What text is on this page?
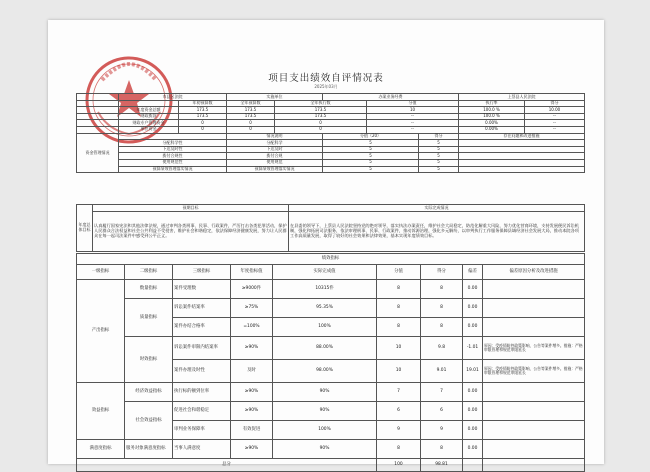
项目支出绩效自评情况表
2025年03月
	市县区法院		实施单位		办案业务经费			上蔡县人民法院	
		年初预算数	全年预算数	全年执行数		分值		执行率	得分
	年度资金总额	173.5	173.5	173.5		10		100.0 %	10.00
	财政拨款	173.5	173.5	173.5		--		100.0 %	--
	财政专户管理资金	0	0	0		--		0.00%	--
	单位资金	0	0	0		--		0.00%	--
资金管理情况			情况说明		分值（20）		得分	存在问题和改进措施	
	分配科学性		分配科学		5		5		
	下达及时性		下达及时		5		5		
	拨付合规性		拨付合规		5		5		
	使用规范性		使用规范		5		5		
	预算绩效管理落实情况		预算绩效管理落实情况		5		5		
年度总体目标	预期目标	实际完成情况
	认真履行国家宪法和其他法律法规，通过审判各类刑事、民事、行政案件，严厉打击各类犯罪活动，保护人民群众合法权益和社会公共利益不受侵害，维护社会和谐稳定，依法保障经济健康发展，努力让人民群众在每一起司法案件中感受到公平正义。	在县委的领导下，上蔡县人民法院坚持党的绝对领导，落实执法办案责任，维护社会大局稳定，防范化解重大风险，努力优化营商环境，支持发展便民诉讼机制，强化和拓展司法服务，依法审理刑事、民事、行政案件，推动诉源治理，强化多元解纷，以审判执行工作服务保障县域经济社会发展大局，推动本院各项工作高质量发展，取得了较好的社会效果和法律效果，基本实现年度绩效目标。
绩效指标								
一级指标	二级指标	三级指标	年度指标值	实际完成值	分值	得分	偏差	偏差原因分析及改进措施
产出指标	数量指标	案件受理数	≥9000件	10315件	8	8	0.00	
	质量指标	诉讼案件结案率	≥75%	95.35%	8	8	0.00	
		案件办结合格率	=100%	100%	8	8	0.00	
	时效指标	诉讼案件审限内结案率	≥90%	88.00%	10	9.8	-1.01	原因：受疫情防控政策影响，公告等案件增多。措施：严格审限管理和规范审限延长
		案件办理及时性	及时	98.00%	10	9.01	19.01	原因：受疫情防控政策影响，公告等案件增多。措施：严格审限管理和规范审限延长
效益指标	经济效益指标	执行标的额到位率	≥90%	90%	7	7	0.00	
	社会效益指标	促进社会和谐稳定	≥90%	90%	6	6	0.00	
		审判业务保障率	有效促进	100%	9	9	0.00	
满意度指标	服务对象满意度指标	当事人满意度	≥90%	90%	8	8	0.00	
总分					100	98.81		
